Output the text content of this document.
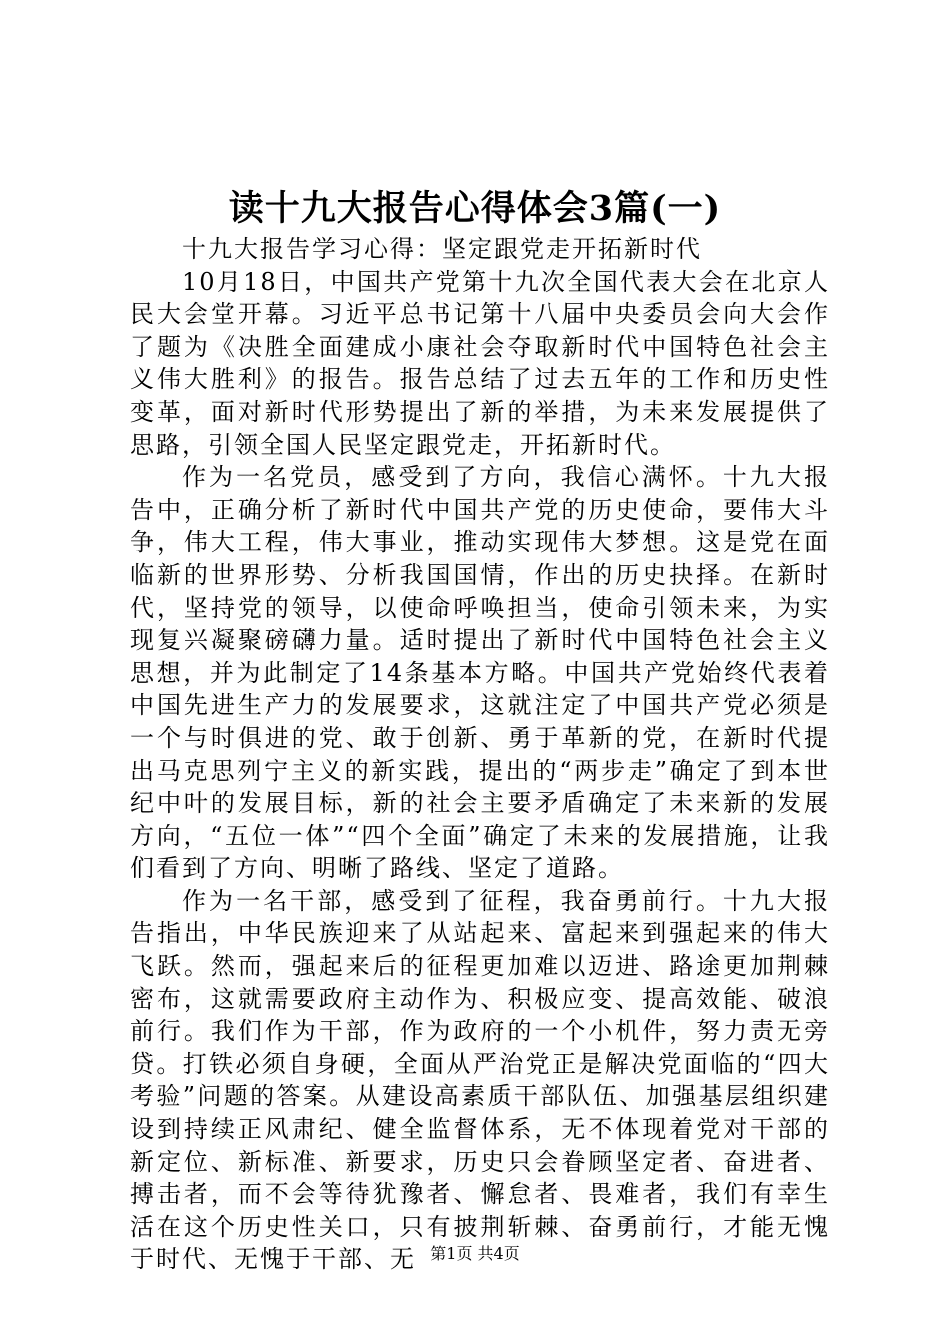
读十九大报告心得体会3篇(一)

十九大报告学习心得：坚定跟党走开拓新时代

10月18日，中国共产党第十九次全国代表大会在北京人民大会堂开幕。习近平总书记第十八届中央委员会向大会作了题为《决胜全面建成小康社会夺取新时代中国特色社会主义伟大胜利》的报告。报告总结了过去五年的工作和历史性变革，面对新时代形势提出了新的举措，为未来发展提供了思路，引领全国人民坚定跟党走，开拓新时代。

作为一名党员，感受到了方向，我信心满怀。十九大报告中，正确分析了新时代中国共产党的历史使命，要伟大斗争，伟大工程，伟大事业，推动实现伟大梦想。这是党在面临新的世界形势、分析我国国情，作出的历史抉择。在新时代，坚持党的领导，以使命呼唤担当，使命引领未来，为实现复兴凝聚磅礴力量。适时提出了新时代中国特色社会主义思想，并为此制定了14条基本方略。中国共产党始终代表着中国先进生产力的发展要求，这就注定了中国共产党必须是一个与时俱进的党、敢于创新、勇于革新的党，在新时代提出马克思列宁主义的新实践，提出的“两步走”确定了到本世纪中叶的发展目标，新的社会主要矛盾确定了未来新的发展方向，“五位一体”“四个全面”确定了未来的发展措施，让我们看到了方向、明晰了路线、坚定了道路。

作为一名干部，感受到了征程，我奋勇前行。十九大报告指出，中华民族迎来了从站起来、富起来到强起来的伟大飞跃。然而，强起来后的征程更加难以迈进、路途更加荆棘密布，这就需要政府主动作为、积极应变、提高效能、破浪前行。我们作为干部，作为政府的一个小机件，努力责无旁贷。打铁必须自身硬，全面从严治党正是解决党面临的“四大考验”问题的答案。从建设高素质干部队伍、加强基层组织建设到持续正风肃纪、健全监督体系，无不体现着党对干部的新定位、新标准、新要求，历史只会眷顾坚定者、奋进者、搏击者，而不会等待犹豫者、懈怠者、畏难者，我们有幸生活在这个历史性关口，只有披荆斩棘、奋勇前行，才能无愧于时代、无愧于干部、无 第1页 共4页
